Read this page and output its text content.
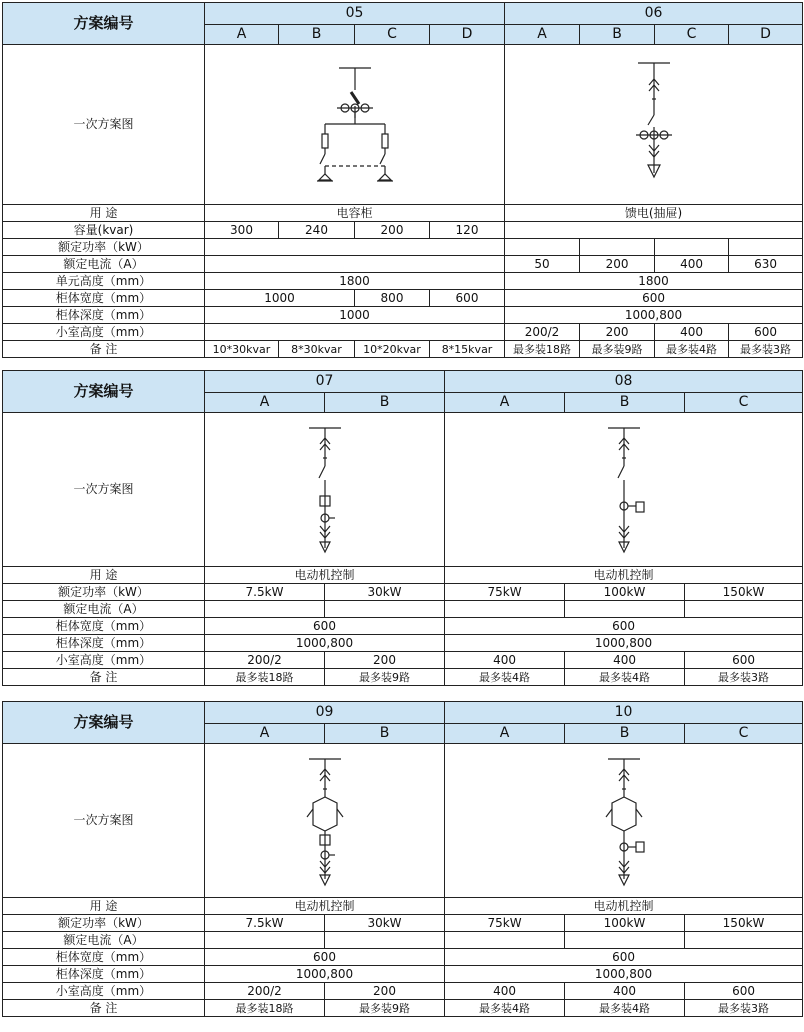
方案编号	05				06			
	A	B	C	D	A	B	C	D
一次方案图	

用 途	电容柜				馈电(抽屉)			
容量(kvar)	300	240	200	120				
额定功率（kW）								
额定电流（A）					50	200	400	630
单元高度（mm）	1800				1800			
柜体宽度（mm）	1000		800	600	600			
柜体深度（mm）	1000				1000,800			
小室高度（mm）					200/2	200	400	600
备 注	10*30kvar	8*30kvar	10*20kvar	8*15kvar	最多装18路	最多装9路	最多装4路	最多装3路
方案编号	07		08		
	A	B	A	B	C
一次方案图	

用 途	电动机控制		电动机控制		
额定功率（kW）	7.5kW	30kW	75kW	100kW	150kW
额定电流（A）					
柜体宽度（mm）	600		600		
柜体深度（mm）	1000,800		1000,800		
小室高度（mm）	200/2	200	400	400	600
备 注	最多装18路	最多装9路	最多装4路	最多装4路	最多装3路
方案编号	09		10		
	A	B	A	B	C
一次方案图	

用 途	电动机控制		电动机控制		
额定功率（kW）	7.5kW	30kW	75kW	100kW	150kW
额定电流（A）					
柜体宽度（mm）	600		600		
柜体深度（mm）	1000,800		1000,800		
小室高度（mm）	200/2	200	400	400	600
备 注	最多装18路	最多装9路	最多装4路	最多装4路	最多装3路
